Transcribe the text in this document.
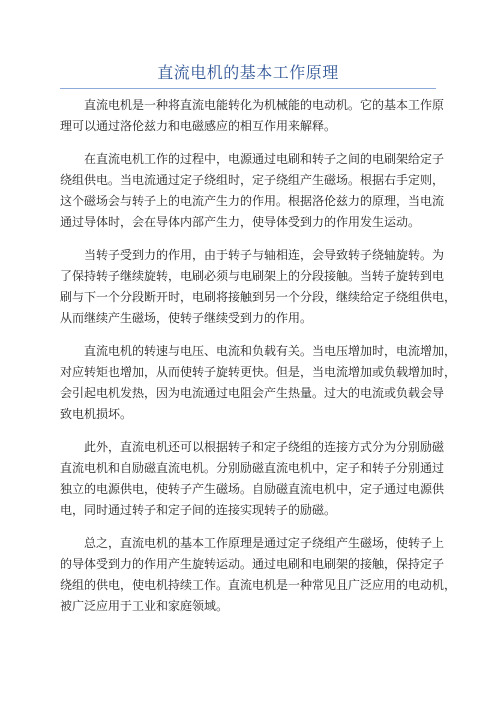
直流电机的基本工作原理

　　直流电机是一种将直流电能转化为机械能的电动机。它的基本工作原
理可以通过洛伦兹力和电磁感应的相互作用来解释。

　　在直流电机工作的过程中，电源通过电刷和转子之间的电刷架给定子
绕组供电。当电流通过定子绕组时，定子绕组产生磁场。根据右手定则，
这个磁场会与转子上的电流产生力的作用。根据洛伦兹力的原理，当电流
通过导体时，会在导体内部产生力，使导体受到力的作用发生运动。

　　当转子受到力的作用，由于转子与轴相连，会导致转子绕轴旋转。为
了保持转子继续旋转，电刷必须与电刷架上的分段接触。当转子旋转到电
刷与下一个分段断开时，电刷将接触到另一个分段，继续给定子绕组供电，
从而继续产生磁场，使转子继续受到力的作用。

　　直流电机的转速与电压、电流和负载有关。当电压增加时，电流增加，
对应转矩也增加，从而使转子旋转更快。但是，当电流增加或负载增加时，
会引起电机发热，因为电流通过电阻会产生热量。过大的电流或负载会导
致电机损坏。

　　此外，直流电机还可以根据转子和定子绕组的连接方式分为分别励磁
直流电机和自励磁直流电机。分别励磁直流电机中，定子和转子分别通过
独立的电源供电，使转子产生磁场。自励磁直流电机中，定子通过电源供
电，同时通过转子和定子间的连接实现转子的励磁。

　　总之，直流电机的基本工作原理是通过定子绕组产生磁场，使转子上
的导体受到力的作用产生旋转运动。通过电刷和电刷架的接触，保持定子
绕组的供电，使电机持续工作。直流电机是一种常见且广泛应用的电动机，
被广泛应用于工业和家庭领域。
